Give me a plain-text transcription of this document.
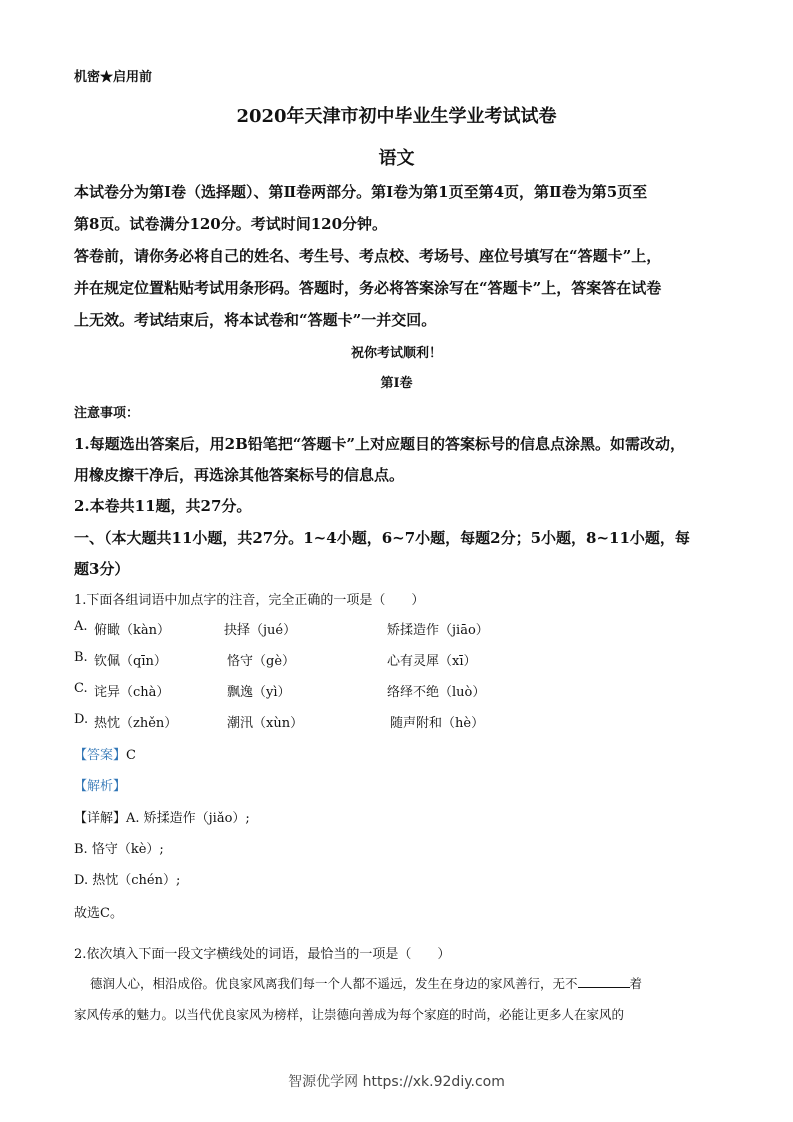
机密★启用前
2020年天津市初中毕业生学业考试试卷
语文
本试卷分为第Ⅰ卷（选择题）、第Ⅱ卷两部分。第Ⅰ卷为第1页至第4页，第Ⅱ卷为第5页至
第8页。试卷满分120分。考试时间120分钟。
答卷前，请你务必将自己的姓名、考生号、考点校、考场号、座位号填写在“答题卡”上，
并在规定位置粘贴考试用条形码。答题时，务必将答案涂写在“答题卡”上，答案答在试卷
上无效。考试结束后，将本试卷和“答题卡”一并交回。
祝你考试顺利！
第Ⅰ卷
注意事项：
1.每题选出答案后，用2B铅笔把“答题卡”上对应题目的答案标号的信息点涂黑。如需改动，
用橡皮擦干净后，再选涂其他答案标号的信息点。
2.本卷共11题，共27分。
一、（本大题共11小题，共27分。1~4小题，6~7小题，每题2分；5小题，8~11小题，每
题3分）
1.下面各组词语中加点字的注音，完全正确的一项是（　　）
A. 俯瞰（kàn）	抉择（jué）	矫揉造作（jiāo）
B. 钦佩（qīn）	恪守（gè）	心有灵犀（xī）
C. 诧异（chà）	飘逸（yì）	络绎不绝（luò）
D. 热忱（zhěn）	潮汛（xùn）	随声附和（hè）
【答案】C
【解析】
【详解】A. 矫揉造作（jiǎo）;
B. 恪守（kè）;
D. 热忱（chén）;
故选C。
2.依次填入下面一段文字横线处的词语，最恰当的一项是（　　）
德润人心，相沿成俗。优良家风离我们每一个人都不遥远，发生在身边的家风善行，无不	着
家风传承的魅力。以当代优良家风为榜样，让崇德向善成为每个家庭的时尚，必能让更多人在家风的
智源优学网 https://xk.92diy.com
